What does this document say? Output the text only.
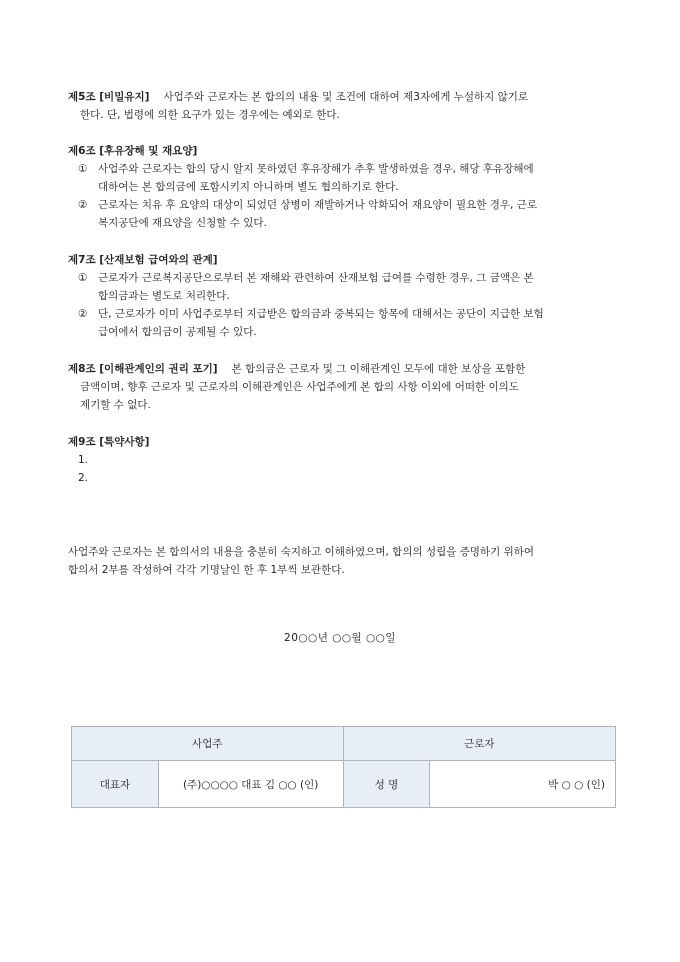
제5조 [비밀유지] 사업주와 근로자는 본 합의의 내용 및 조건에 대하여 제3자에게 누설하지 않기로
한다. 단, 법령에 의한 요구가 있는 경우에는 예외로 한다.
제6조 [후유장해 및 재요양]
① 사업주와 근로자는 합의 당시 알지 못하였던 후유장해가 추후 발생하였을 경우, 해당 후유장해에
대하여는 본 합의금에 포함시키지 아니하며 별도 협의하기로 한다.
② 근로자는 치유 후 요양의 대상이 되었던 상병이 재발하거나 악화되어 재요양이 필요한 경우, 근로
복지공단에 재요양을 신청할 수 있다.
제7조 [산재보험 급여와의 관계]
① 근로자가 근로복지공단으로부터 본 재해와 관련하여 산재보험 급여를 수령한 경우, 그 금액은 본
합의금과는 별도로 처리한다.
② 단, 근로자가 이미 사업주로부터 지급받은 합의금과 중복되는 항목에 대해서는 공단이 지급한 보험
급여에서 합의금이 공제될 수 있다.
제8조 [이해관계인의 권리 포기] 본 합의금은 근로자 및 그 이해관계인 모두에 대한 보상을 포함한
금액이며, 향후 근로자 및 근로자의 이해관계인은 사업주에게 본 합의 사항 이외에 어떠한 이의도
제기할 수 없다.
제9조 [특약사항]
1.
2.
사업주와 근로자는 본 합의서의 내용을 충분히 숙지하고 이해하였으며, 합의의 성립을 증명하기 위하여
합의서 2부를 작성하여 각각 기명날인 한 후 1부씩 보관한다.
20○○년 ○○월 ○○일
사업주		근로자	
대표자	(주)○○○○ 대표 김 ○○ (인)	성 명	박 ○ ○ (인)
